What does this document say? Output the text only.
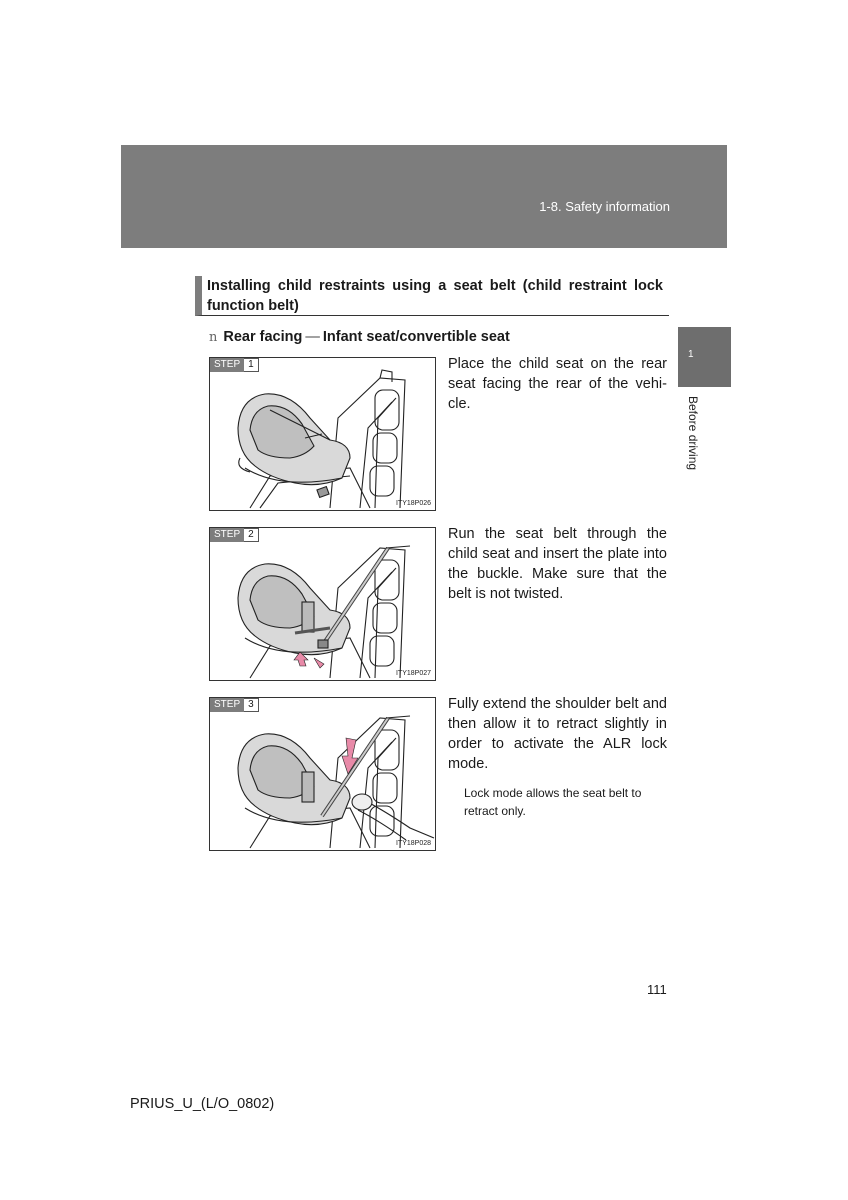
1-8. Safety information
1
Before driving
Installing child restraints using a seat belt (child restraint lock function belt)
n Rear facing — Infant seat/convertible seat
STEP 1
ITY18P026
Place the child seat on the rear seat facing the rear of the vehi-cle.
STEP 2
ITY18P027
Run the seat belt through the child seat and insert the plate into the buckle. Make sure that the belt is not twisted.
STEP 3
ITY18P028
Fully extend the shoulder belt and then allow it to retract slightly in order to activate the ALR lock mode.
Lock mode allows the seat belt to retract only.
111
PRIUS_U_(L/O_0802)
